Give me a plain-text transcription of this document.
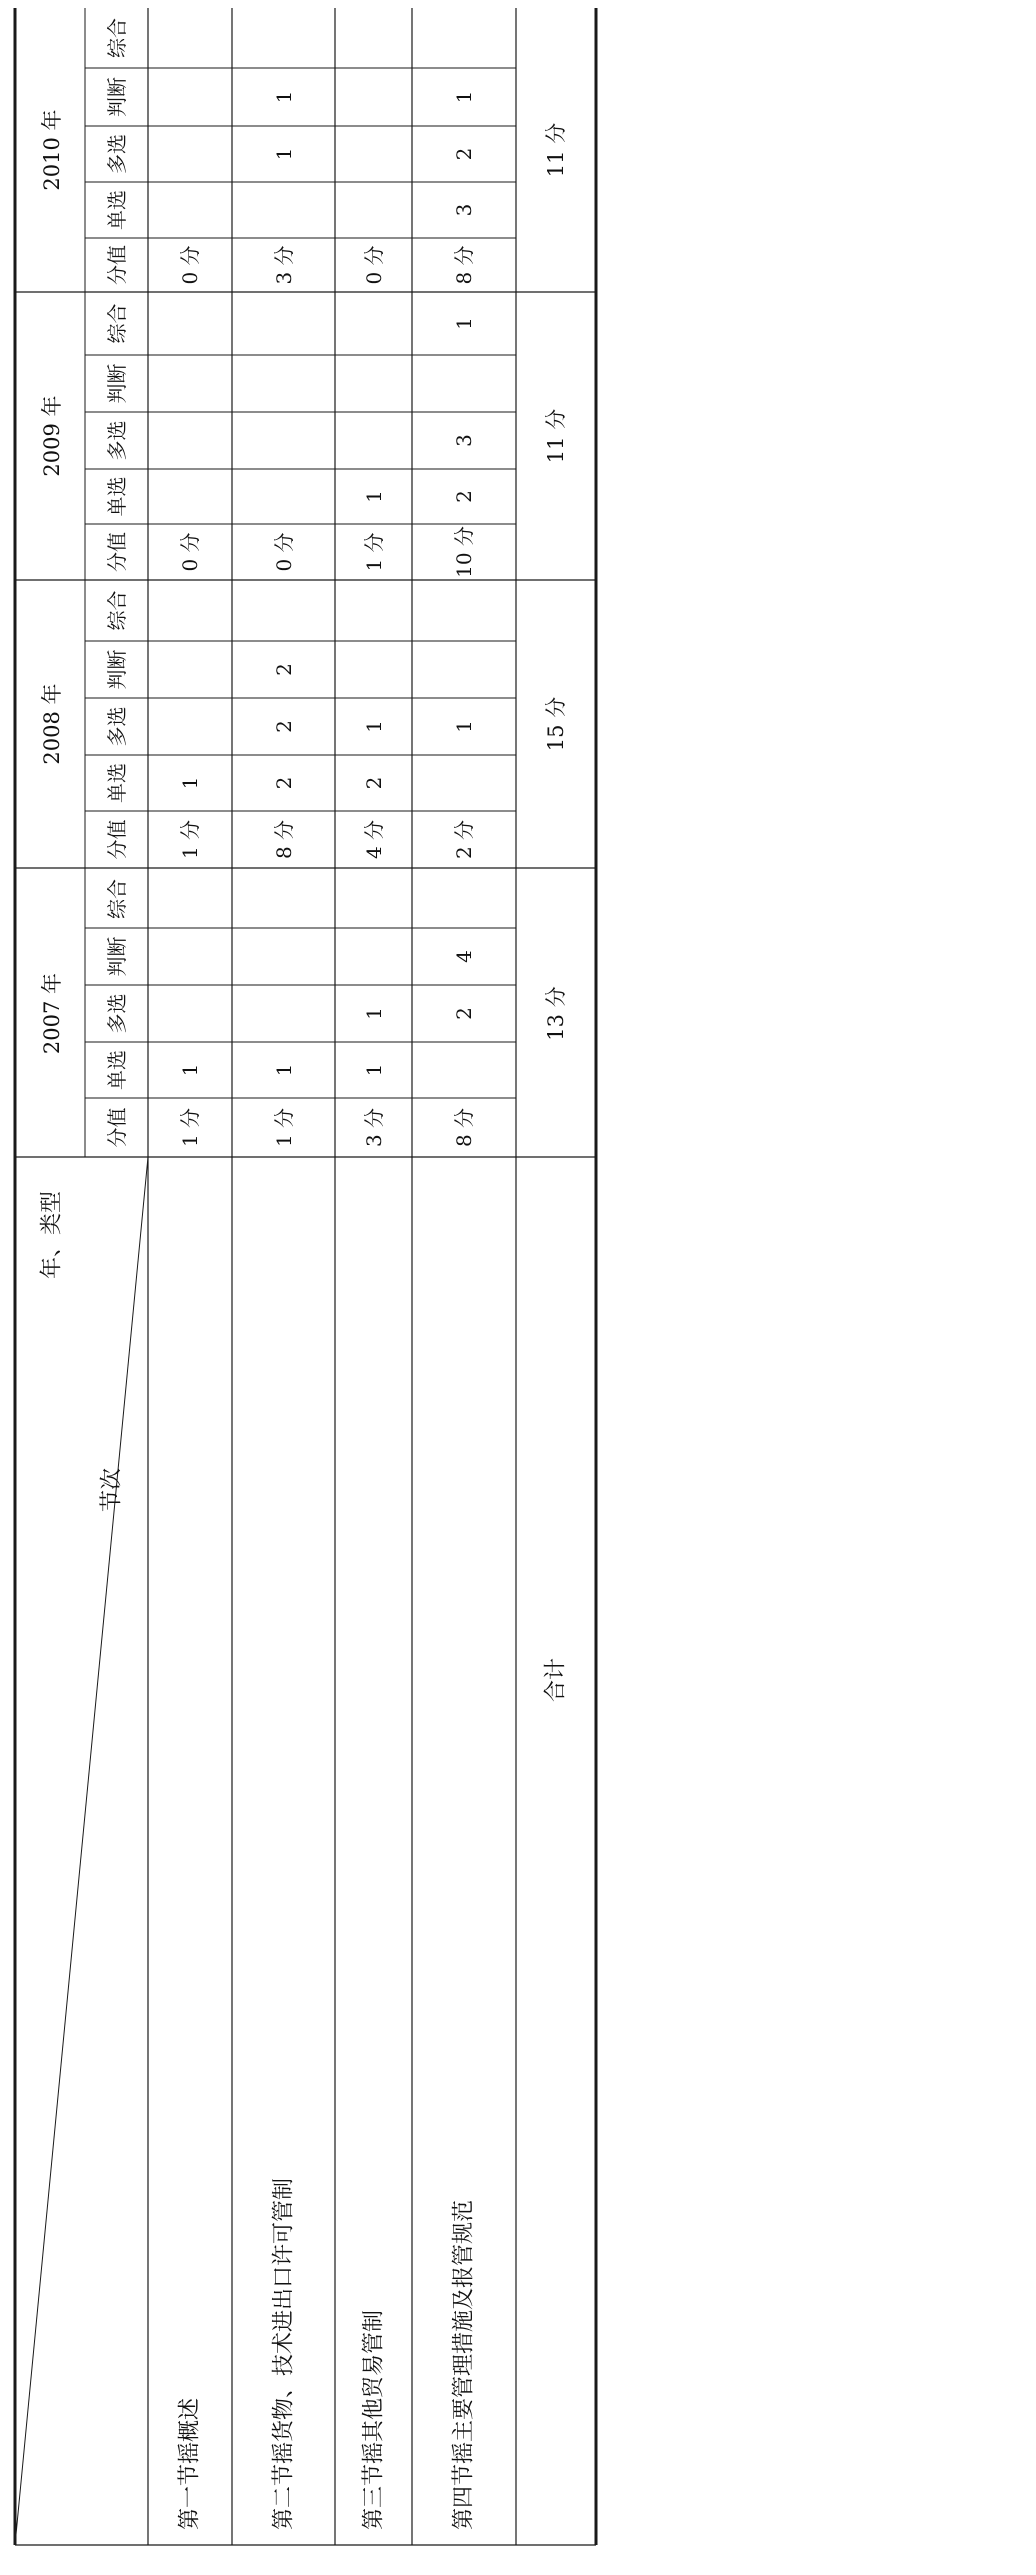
年、类型
节次
2007 年
2008 年
2009 年
2010 年
分值
单选
多选
判断
综合
分值
单选
多选
判断
综合
分值
单选
多选
判断
综合
分值
单选
多选
判断
综合
第一节摇概述
1 分
1
1 分
1
0 分
0 分
第二节摇货物、技术进出口许可管制
1 分
1
8 分
2
2
2
0 分
3 分
1
1
第三节摇其他贸易管制
3 分
1
1
4 分
2
1
1 分
1
0 分
第四节摇主要管理措施及报管规范
8 分
2
4
2 分
1
10 分
2
3
1
8 分
3
2
1
合计
13 分
15 分
11 分
11 分
